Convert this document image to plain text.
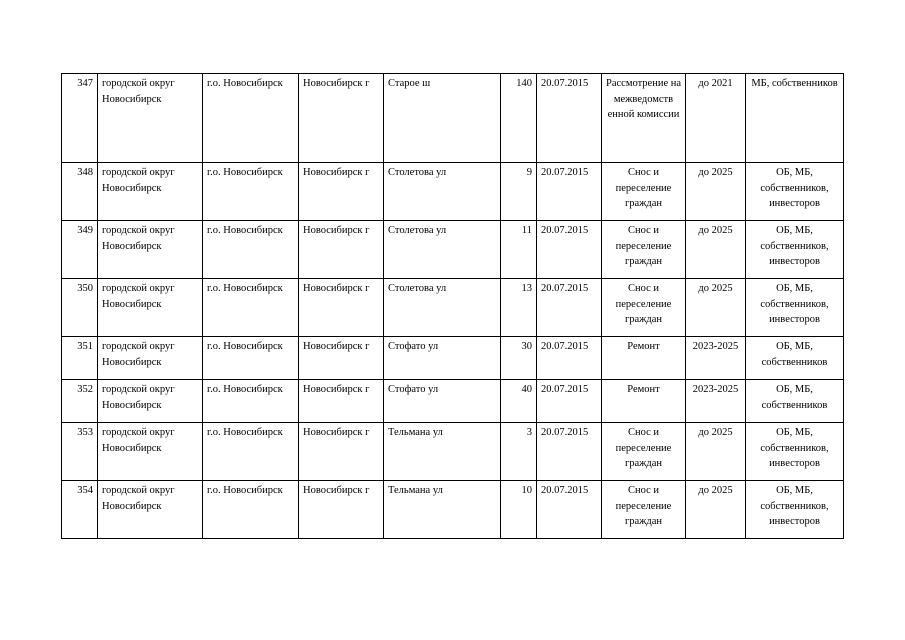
347	городской округ Новосибирск	г.о. Новосибирск	Новосибирск г	Старое ш	140	20.07.2015	Рассмотрение на межведомств енной комиссии	до 2021	МБ, собственников
348	городской округ Новосибирск	г.о. Новосибирск	Новосибирск г	Столетова ул	9	20.07.2015	Снос и переселение граждан	до 2025	ОБ, МБ, собственников, инвесторов
349	городской округ Новосибирск	г.о. Новосибирск	Новосибирск г	Столетова ул	11	20.07.2015	Снос и переселение граждан	до 2025	ОБ, МБ, собственников, инвесторов
350	городской округ Новосибирск	г.о. Новосибирск	Новосибирск г	Столетова ул	13	20.07.2015	Снос и переселение граждан	до 2025	ОБ, МБ, собственников, инвесторов
351	городской округ Новосибирск	г.о. Новосибирск	Новосибирск г	Стофато ул	30	20.07.2015	Ремонт	2023-2025	ОБ, МБ, собственников
352	городской округ Новосибирск	г.о. Новосибирск	Новосибирск г	Стофато ул	40	20.07.2015	Ремонт	2023-2025	ОБ, МБ, собственников
353	городской округ Новосибирск	г.о. Новосибирск	Новосибирск г	Тельмана ул	3	20.07.2015	Снос и переселение граждан	до 2025	ОБ, МБ, собственников, инвесторов
354	городской округ Новосибирск	г.о. Новосибирск	Новосибирск г	Тельмана ул	10	20.07.2015	Снос и переселение граждан	до 2025	ОБ, МБ, собственников, инвесторов
